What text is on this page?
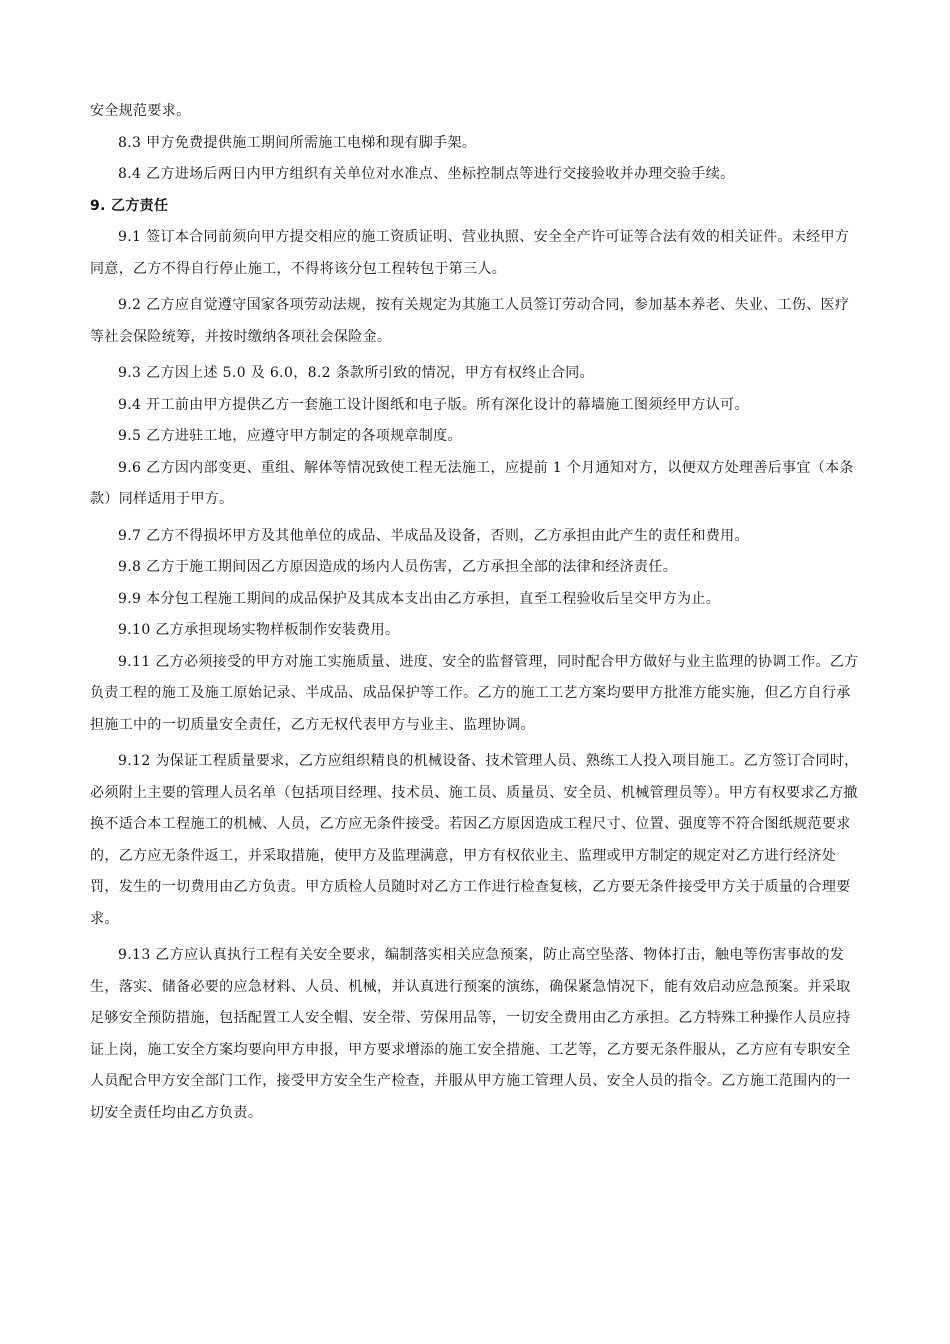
安全规范要求。

8.3 甲方免费提供施工期间所需施工电梯和现有脚手架。

8.4 乙方进场后两日内甲方组织有关单位对水准点、坐标控制点等进行交接验收并办理交验手续。

9. 乙方责任

9.1 签订本合同前须向甲方提交相应的施工资质证明、营业执照、安全全产许可证等合法有效的相关证件。未经甲方同意，乙方不得自行停止施工，不得将该分包工程转包于第三人。

9.2 乙方应自觉遵守国家各项劳动法规，按有关规定为其施工人员签订劳动合同，参加基本养老、失业、工伤、医疗等社会保险统筹，并按时缴纳各项社会保险金。

9.3 乙方因上述 5.0 及 6.0，8.2 条款所引致的情况，甲方有权终止合同。

9.4 开工前由甲方提供乙方一套施工设计图纸和电子版。所有深化设计的幕墙施工图须经甲方认可。

9.5 乙方进驻工地，应遵守甲方制定的各项规章制度。

9.6 乙方因内部变更、重组、解体等情况致使工程无法施工，应提前 1 个月通知对方，以便双方处理善后事宜（本条款）同样适用于甲方。

9.7 乙方不得损坏甲方及其他单位的成品、半成品及设备，否则，乙方承担由此产生的责任和费用。

9.8 乙方于施工期间因乙方原因造成的场内人员伤害，乙方承担全部的法律和经济责任。

9.9 本分包工程施工期间的成品保护及其成本支出由乙方承担，直至工程验收后呈交甲方为止。

9.10 乙方承担现场实物样板制作安装费用。

9.11 乙方必须接受的甲方对施工实施质量、进度、安全的监督管理，同时配合甲方做好与业主监理的协调工作。乙方负责工程的施工及施工原始记录、半成品、成品保护等工作。乙方的施工工艺方案均要甲方批准方能实施，但乙方自行承担施工中的一切质量安全责任，乙方无权代表甲方与业主、监理协调。

9.12 为保证工程质量要求，乙方应组织精良的机械设备、技术管理人员、熟练工人投入项目施工。乙方签订合同时，必须附上主要的管理人员名单（包括项目经理、技术员、施工员、质量员、安全员、机械管理员等）。甲方有权要求乙方撤换不适合本工程施工的机械、人员，乙方应无条件接受。若因乙方原因造成工程尺寸、位置、强度等不符合图纸规范要求的，乙方应无条件返工，并采取措施，使甲方及监理满意，甲方有权依业主、监理或甲方制定的规定对乙方进行经济处罚，发生的一切费用由乙方负责。甲方质检人员随时对乙方工作进行检查复核，乙方要无条件接受甲方关于质量的合理要求。

9.13 乙方应认真执行工程有关安全要求，编制落实相关应急预案，防止高空坠落、物体打击，触电等伤害事故的发生，落实、储备必要的应急材料、人员、机械，并认真进行预案的演练，确保紧急情况下，能有效启动应急预案。并采取足够安全预防措施，包括配置工人安全帽、安全带、劳保用品等，一切安全费用由乙方承担。乙方特殊工种操作人员应持证上岗，施工安全方案均要向甲方申报，甲方要求增添的施工安全措施、工艺等，乙方要无条件服从，乙方应有专职安全人员配合甲方安全部门工作，接受甲方安全生产检查，并服从甲方施工管理人员、安全人员的指令。乙方施工范围内的一切安全责任均由乙方负责。
